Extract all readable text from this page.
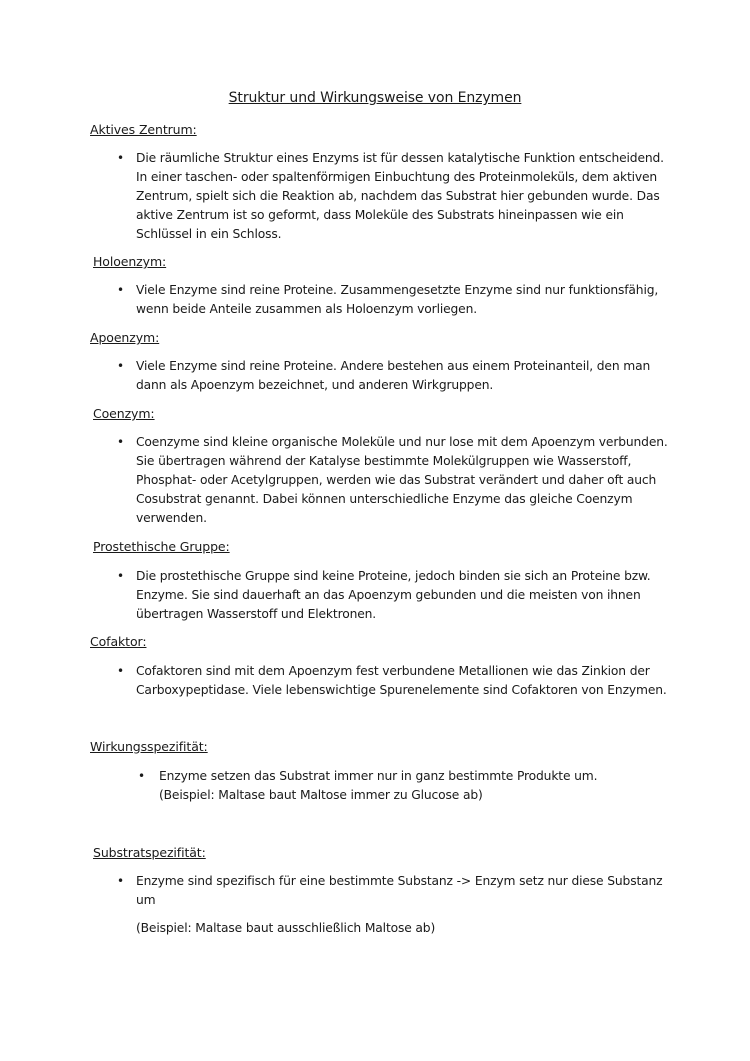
Struktur und Wirkungsweise von Enzymen
Aktives Zentrum:
• Die räumliche Struktur eines Enzyms ist für dessen katalytische Funktion entscheidend.
In einer taschen- oder spaltenförmigen Einbuchtung des Proteinmoleküls, dem aktiven
Zentrum, spielt sich die Reaktion ab, nachdem das Substrat hier gebunden wurde. Das
aktive Zentrum ist so geformt, dass Moleküle des Substrats hineinpassen wie ein
Schlüssel in ein Schloss.
Holoenzym:
• Viele Enzyme sind reine Proteine. Zusammengesetzte Enzyme sind nur funktionsfähig,
wenn beide Anteile zusammen als Holoenzym vorliegen.
Apoenzym:
• Viele Enzyme sind reine Proteine. Andere bestehen aus einem Proteinanteil, den man
dann als Apoenzym bezeichnet, und anderen Wirkgruppen.
Coenzym:
• Coenzyme sind kleine organische Moleküle und nur lose mit dem Apoenzym verbunden.
Sie übertragen während der Katalyse bestimmte Molekülgruppen wie Wasserstoff,
Phosphat- oder Acetylgruppen, werden wie das Substrat verändert und daher oft auch
Cosubstrat genannt. Dabei können unterschiedliche Enzyme das gleiche Coenzym
verwenden.
Prostethische Gruppe:
• Die prostethische Gruppe sind keine Proteine, jedoch binden sie sich an Proteine bzw.
Enzyme. Sie sind dauerhaft an das Apoenzym gebunden und die meisten von ihnen
übertragen Wasserstoff und Elektronen.
Cofaktor:
• Cofaktoren sind mit dem Apoenzym fest verbundene Metallionen wie das Zinkion der
Carboxypeptidase. Viele lebenswichtige Spurenelemente sind Cofaktoren von Enzymen.
Wirkungsspezifität:
• Enzyme setzen das Substrat immer nur in ganz bestimmte Produkte um.
(Beispiel: Maltase baut Maltose immer zu Glucose ab)
Substratspezifität:
• Enzyme sind spezifisch für eine bestimmte Substanz -> Enzym setz nur diese Substanz
um
(Beispiel: Maltase baut ausschließlich Maltose ab)
